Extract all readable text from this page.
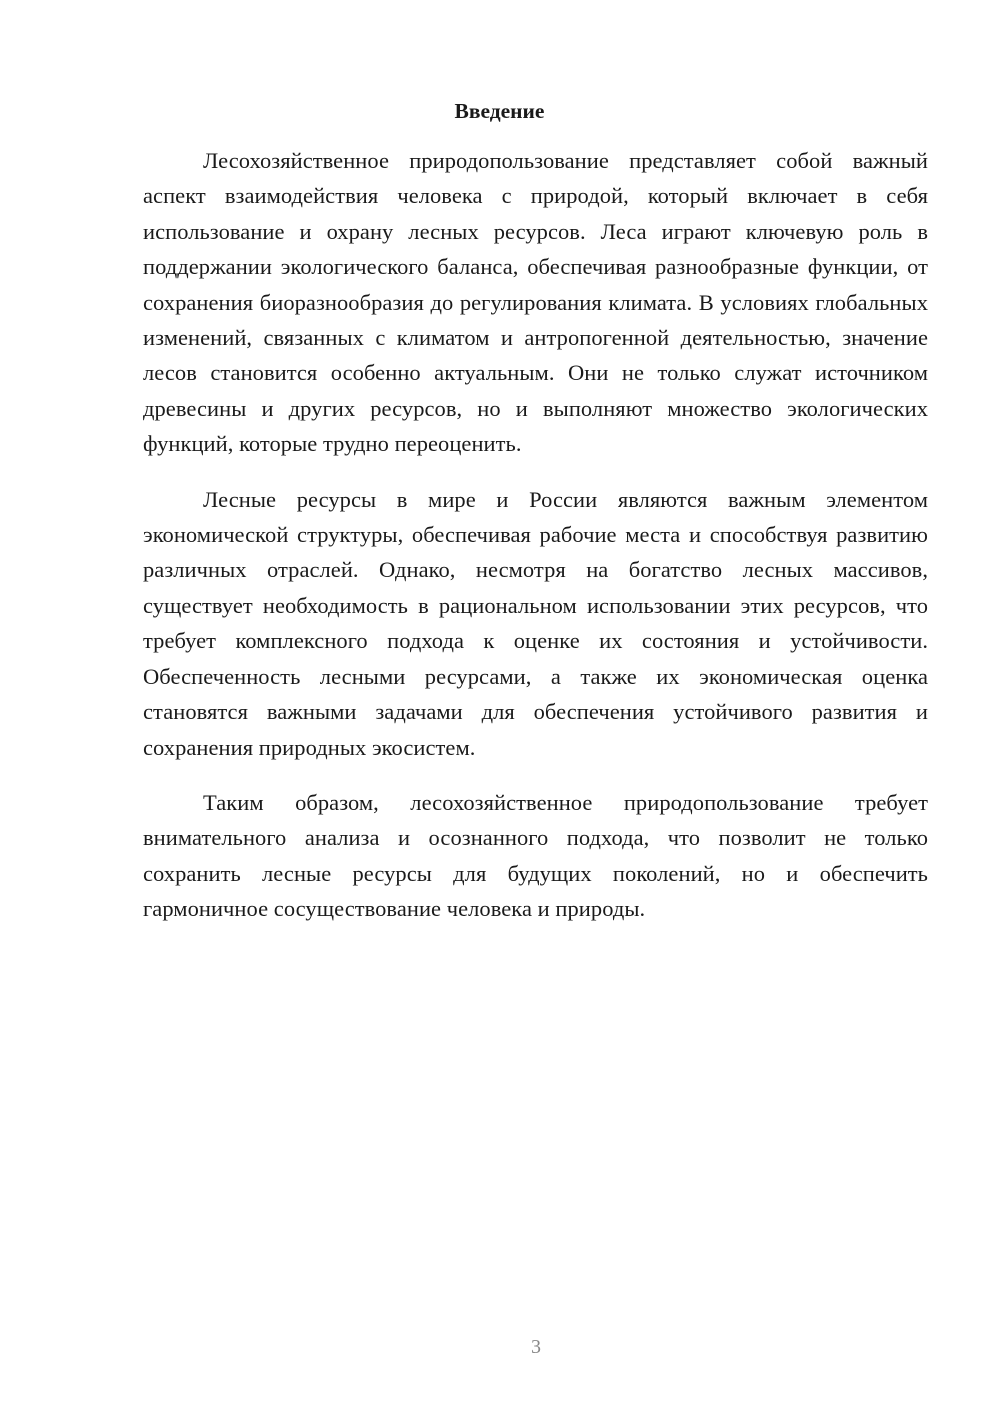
Введение

Лесохозяйственное природопользование представляет собой важный аспект взаимодействия человека с природой, который включает в себя использование и охрану лесных ресурсов. Леса играют ключевую роль в поддержании экологического баланса, обеспечивая разнообразные функции, от сохранения биоразнообразия до регулирования климата. В условиях глобальных изменений, связанных с климатом и антропогенной деятельностью, значение лесов становится особенно актуальным. Они не только служат источником древесины и других ресурсов, но и выполняют множество экологических функций, которые трудно переоценить.

Лесные ресурсы в мире и России являются важным элементом экономической структуры, обеспечивая рабочие места и способствуя развитию различных отраслей. Однако, несмотря на богатство лесных массивов, существует необходимость в рациональном использовании этих ресурсов, что требует комплексного подхода к оценке их состояния и устойчивости. Обеспеченность лесными ресурсами, а также их экономическая оценка становятся важными задачами для обеспечения устойчивого развития и сохранения природных экосистем.

Таким образом, лесохозяйственное природопользование требует внимательного анализа и осознанного подхода, что позволит не только сохранить лесные ресурсы для будущих поколений, но и обеспечить гармоничное сосуществование человека и природы.

3
